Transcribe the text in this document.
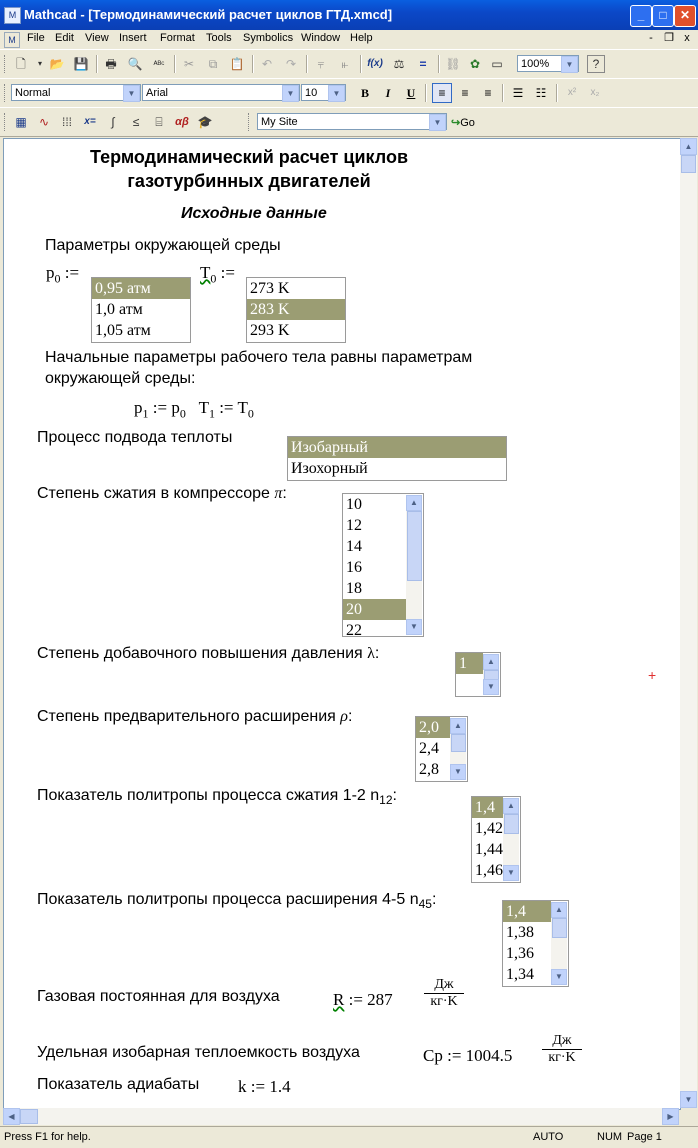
M Mathcad - [Термодинамический расчет циклов ГТД.xmcd]	_	□	✕
M	File Edit View Insert Format Tools Symbolics Window Help	-	❐ x
🗋	▾ 📂 💾 🖶 🔍	ᴬᴮᶜ	✂	⧉	📋	↶	↷	⫧	⫦	f(x) ⚖	=	⛓ ✿ ▭	100%	▼	?
Normal	▼ Arial	▼ 10	▼	B	I	U	≡	≡	≡	☰	☷	x²	x₂
▦	∿	⁞⁞⁞	x=	∫	≤	⌸	αβ 🎓	My Site	▼ ↪Go
Термодинамический расчет циклов
газотурбинных двигателей
Исходные данные
Параметры окружающей среды
$p_0$ :=
0,95 атм
1,0 атм
1,05 атм
$T_0$ :=
273 K
283 K
293 K
Начальные параметры рабочего тела равны параметрам
окружающей среды:
$p_1$ := $p_0$ $T_1$ := $T_0$
Процесс подвода теплоты
Изобарный
Изохорный
Степень сжатия в компрессоре π:
10
12
14
16
18
20
22
▲
▼
Степень добавочного повышения давления λ:
1	▲
▼
+
Степень предварительного расширения ρ:
2,0
2,4
2,8
▲
▼
Показатель политропы процесса сжатия 1-2 $n_{12}$:
1,4
1,42
1,44
1,46
▲
▼
Показатель политропы процесса расширения 4-5 $n_{45}$:
1,4
1,38
1,36
1,34
▲
▼
Газовая постоянная для воздуха	R := 287
Дж
кг·K
Удельная изобарная теплоемкость воздуха	Cp := 1004.5
Дж
кг·K
Показатель адиабаты k := 1.4
▲
▼
◀	▶
Press F1 for help.	AUTO	NUM Page 1
